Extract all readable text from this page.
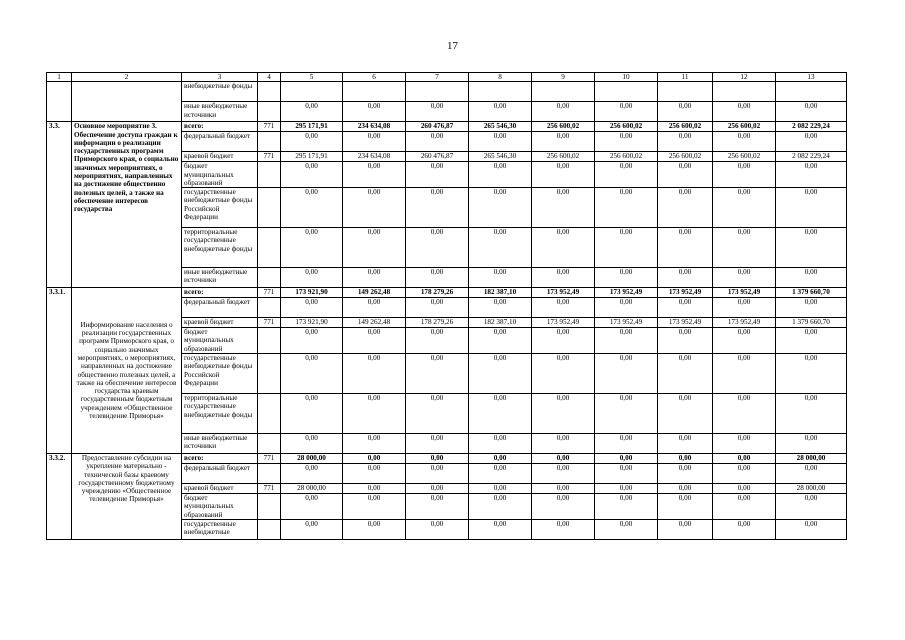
17
1	2	3	4	5	6	7	8	9	10	11	12	13
		внебюджетные фонды										
		иные внебюджетные источники		0,00	0,00	0,00	0,00	0,00	0,00	0,00	0,00	0,00
3.3.	Основное мероприятие 3. Обеспечение доступа граждан к информации о реализации государственных программ Приморского края, о социально значимых мероприятиях, о мероприятиях, направленных на достижение общественно полезных целей, а также на обеспечение интересов государства	всего:	771	295 171,91	234 634,08	260 476,87	265 546,30	256 600,02	256 600,02	256 600,02	256 600,02	2 082 229,24
		федеральный бюджет		0,00	0,00	0,00	0,00	0,00	0,00	0,00	0,00	0,00
		краевой бюджет	771	295 171,91	234 634,08	260 476,87	265 546,30	256 600,02	256 600,02	256 600,02	256 600,02	2 082 229,24
		бюджет муниципальных образований		0,00	0,00	0,00	0,00	0,00	0,00	0,00	0,00	0,00
		государственные внебюджетные фонды Российской Федерации		0,00	0,00	0,00	0,00	0,00	0,00	0,00	0,00	0,00
		территориальные государственные внебюджетные фонды		0,00	0,00	0,00	0,00	0,00	0,00	0,00	0,00	0,00
		иные внебюджетные источники		0,00	0,00	0,00	0,00	0,00	0,00	0,00	0,00	0,00
3.3.1.	Информирование населения о реализации государственных программ Приморского края, о социально значимых мероприятиях, о мероприятиях, направленных на достижение общественно полезных целей, а также на обеспечение интересов государства краевым государственным бюджетным учреждением «Общественное телевидение Приморья»	всего:	771	173 921,90	149 262,48	178 279,26	182 387,10	173 952,49	173 952,49	173 952,49	173 952,49	1 379 660,70
		федеральный бюджет		0,00	0,00	0,00	0,00	0,00	0,00	0,00	0,00	0,00
		краевой бюджет	771	173 921,90	149 262,48	178 279,26	182 387,10	173 952,49	173 952,49	173 952,49	173 952,49	1 379 660,70
		бюджет муниципальных образований		0,00	0,00	0,00	0,00	0,00	0,00	0,00	0,00	0,00
		государственные внебюджетные фонды Российской Федерации		0,00	0,00	0,00	0,00	0,00	0,00	0,00	0,00	0,00
		территориальные государственные внебюджетные фонды		0,00	0,00	0,00	0,00	0,00	0,00	0,00	0,00	0,00
		иные внебюджетные источники		0,00	0,00	0,00	0,00	0,00	0,00	0,00	0,00	0,00
3.3.2.	Предоставление субсидии на укрепление материально - технической базы краевому государственному бюджетному учреждению «Общественное телевидение Приморья»	всего:	771	28 000,00	0,00	0,00	0,00	0,00	0,00	0,00	0,00	28 000,00
		федеральный бюджет		0,00	0,00	0,00	0,00	0,00	0,00	0,00	0,00	0,00
		краевой бюджет	771	28 000,00	0,00	0,00	0,00	0,00	0,00	0,00	0,00	28 000,00
		бюджет муниципальных образований		0,00	0,00	0,00	0,00	0,00	0,00	0,00	0,00	0,00
		государственные внебюджетные		0,00	0,00	0,00	0,00	0,00	0,00	0,00	0,00	0,00
